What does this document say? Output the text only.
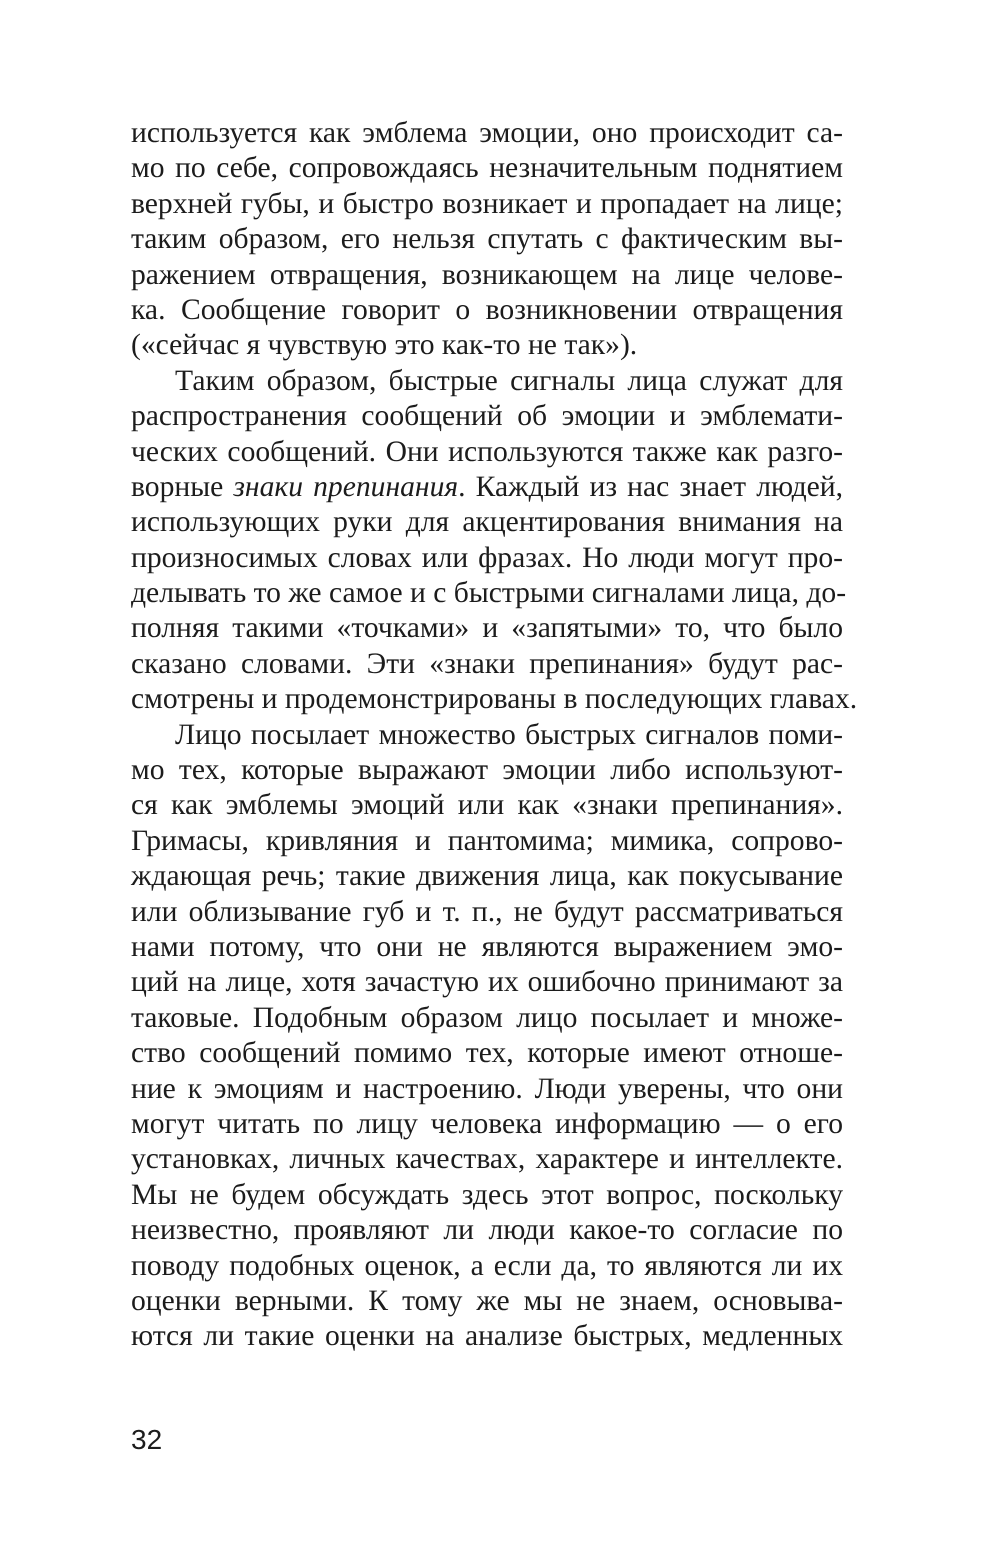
используется как эмблема эмоции, оно происходит са-
мо по себе, сопровождаясь незначительным поднятием
верхней губы, и быстро возникает и пропадает на лице;
таким образом, его нельзя спутать с фактическим вы-
ражением отвращения, возникающем на лице челове-
ка. Сообщение говорит о возникновении отвращения
(«сейчас я чувствую это как-то не так»).
Таким образом, быстрые сигналы лица служат для
распространения сообщений об эмоции и эмблемати-
ческих сообщений. Они используются также как разго-
ворные знаки препинания. Каждый из нас знает людей,
использующих руки для акцентирования внимания на
произносимых словах или фразах. Но люди могут про-
делывать то же самое и с быстрыми сигналами лица, до-
полняя такими «точками» и «запятыми» то, что было
сказано словами. Эти «знаки препинания» будут рас-
смотрены и продемонстрированы в последующих главах.
Лицо посылает множество быстрых сигналов поми-
мо тех, которые выражают эмоции либо используют-
ся как эмблемы эмоций или как «знаки препинания».
Гримасы, кривляния и пантомима; мимика, сопрово-
ждающая речь; такие движения лица, как покусывание
или облизывание губ и т. п., не будут рассматриваться
нами потому, что они не являются выражением эмо-
ций на лице, хотя зачастую их ошибочно принимают за
таковые. Подобным образом лицо посылает и множе-
ство сообщений помимо тех, которые имеют отноше-
ние к эмоциям и настроению. Люди уверены, что они
могут читать по лицу человека информацию — о его
установках, личных качествах, характере и интеллекте.
Мы не будем обсуждать здесь этот вопрос, поскольку
неизвестно, проявляют ли люди какое-то согласие по
поводу подобных оценок, а если да, то являются ли их
оценки верными. К тому же мы не знаем, основыва-
ются ли такие оценки на анализе быстрых, медленных
32
